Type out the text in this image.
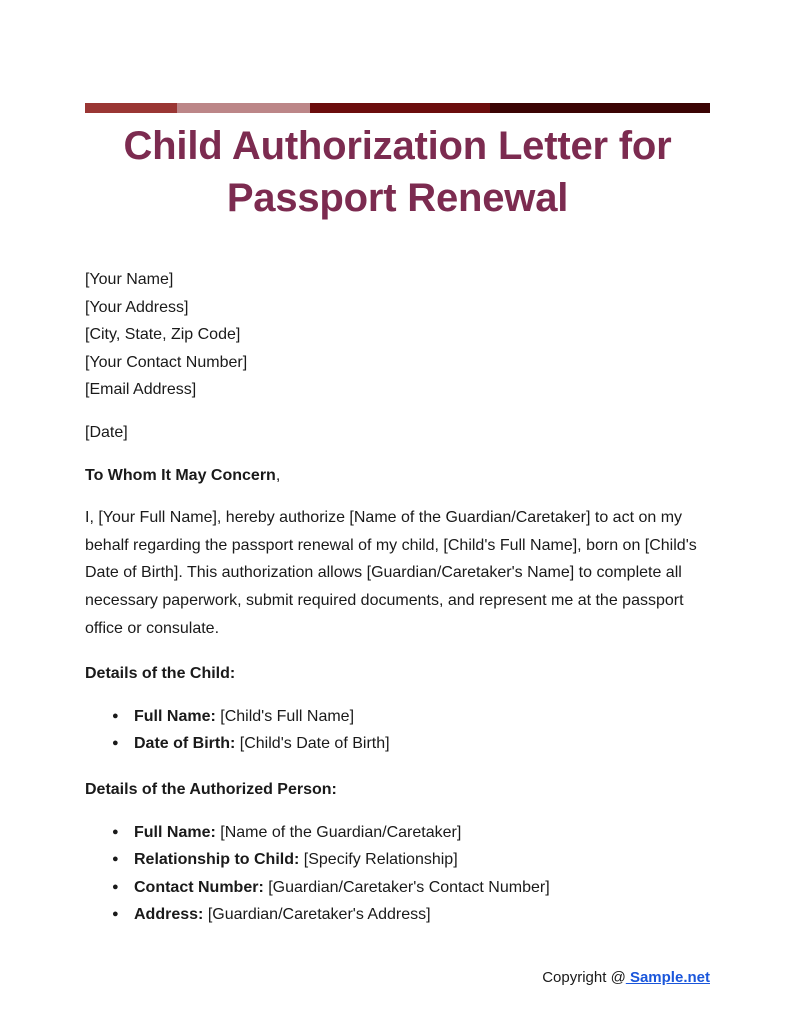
Child Authorization Letter for Passport Renewal
[Your Name]
[Your Address]
[City, State, Zip Code]
[Your Contact Number]
[Email Address]

[Date]

To Whom It May Concern,

I, [Your Full Name], hereby authorize [Name of the Guardian/Caretaker] to act on my behalf regarding the passport renewal of my child, [Child's Full Name], born on [Child's Date of Birth]. This authorization allows [Guardian/Caretaker's Name] to complete all necessary paperwork, submit required documents, and represent me at the passport office or consulate.

Details of the Child:

● Full Name: [Child's Full Name]
● Date of Birth: [Child's Date of Birth]

Details of the Authorized Person:

● Full Name: [Name of the Guardian/Caretaker]
● Relationship to Child: [Specify Relationship]
● Contact Number: [Guardian/Caretaker's Contact Number]
● Address: [Guardian/Caretaker's Address]
Copyright @ Sample.net
